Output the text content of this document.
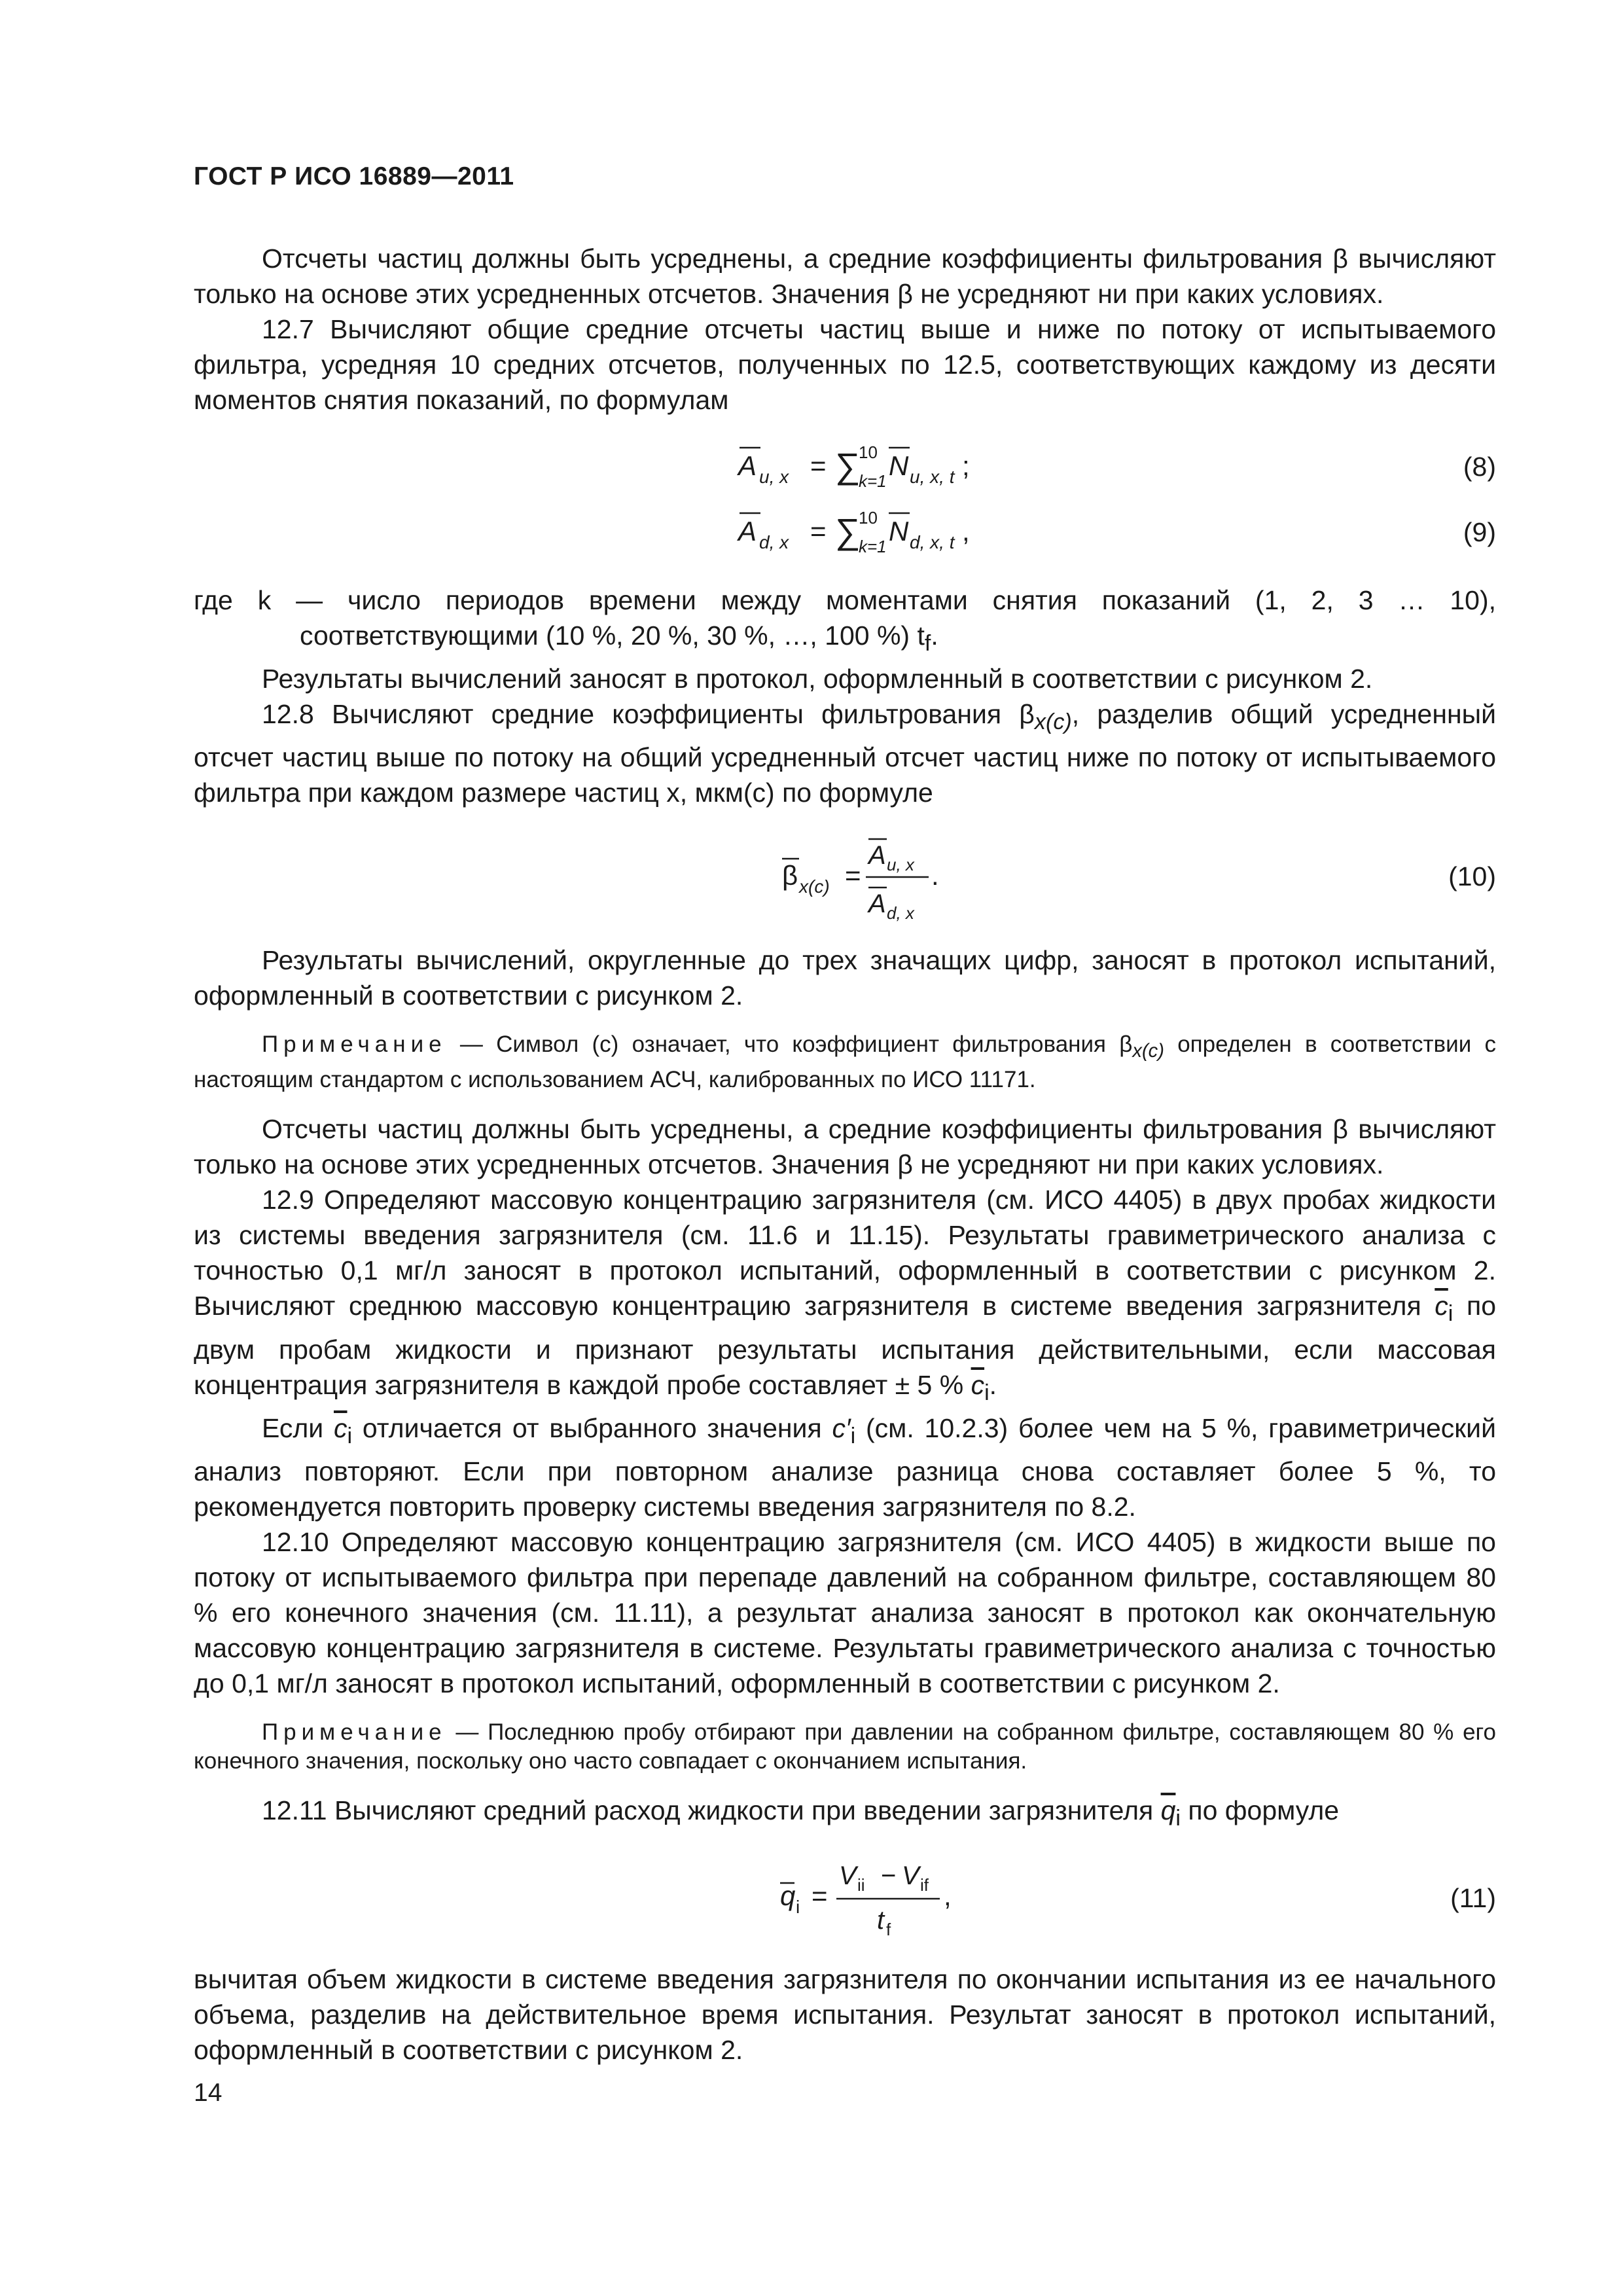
ГОСТ Р ИСО 16889—2011

Отсчеты частиц должны быть усреднены, а средние коэффициенты фильтрования β вычисляют только на основе этих усредненных отсчетов. Значения β не усредняют ни при каких условиях.

12.7 Вычисляют общие средние отсчеты частиц выше и ниже по потоку от испытываемого фильтра, усредняя 10 средних отсчетов, полученных по 12.5, соответствующих каждому из десяти моментов снятия показаний, по формулам

A u, x = ∑
10
k=1 N u, x, t ;	(8)
A d, x = ∑
10
k=1 N d, x, t ,	(9)

где k — число периодов времени между моментами снятия показаний (1, 2, 3 … 10), соответствующими (10 %, 20 %, 30 %, …, 100 %) $t_f$.

Результаты вычислений заносят в протокол, оформленный в соответствии с рисунком 2.

12.8 Вычисляют средние коэффициенты фильтрования $\beta_{x(c)}$, разделив общий усредненный отсчет частиц выше по потоку на общий усредненный отсчет частиц ниже по потоку от испытываемого фильтра при каждом размере частиц x, мкм(с) по формуле

β x(c) =
A u, x
A d, x
.	(10)

Результаты вычислений, округленные до трех значащих цифр, заносят в протокол испытаний, оформленный в соответствии с рисунком 2.

Примечание — Символ (с) означает, что коэффициент фильтрования $\beta_{x(c)}$ определен в соответствии с настоящим стандартом с использованием АСЧ, калиброванных по ИСО 11171.

Отсчеты частиц должны быть усреднены, а средние коэффициенты фильтрования β вычисляют только на основе этих усредненных отсчетов. Значения β не усредняют ни при каких условиях.

12.9 Определяют массовую концентрацию загрязнителя (см. ИСО 4405) в двух пробах жидкости из системы введения загрязнителя (см. 11.6 и 11.15). Результаты гравиметрического анализа с точностью 0,1 мг/л заносят в протокол испытаний, оформленный в соответствии с рисунком 2. Вычисляют среднюю массовую концентрацию загрязнителя в системе введения загрязнителя $\overline{c}_i$ по двум пробам жидкости и признают результаты испытания действительными, если массовая концентрация загрязнителя в каждой пробе составляет ± 5 % $\overline{c}_i$.

Если $\overline{c}_i$ отличается от выбранного значения $c'_i$ (см. 10.2.3) более чем на 5 %, гравиметрический анализ повторяют. Если при повторном анализе разница снова составляет более 5 %, то рекомендуется повторить проверку системы введения загрязнителя по 8.2.

12.10 Определяют массовую концентрацию загрязнителя (см. ИСО 4405) в жидкости выше по потоку от испытываемого фильтра при перепаде давлений на собранном фильтре, составляющем 80 % его конечного значения (см. 11.11), а результат анализа заносят в протокол как окончательную массовую концентрацию загрязнителя в системе. Результаты гравиметрического анализа с точностью до 0,1 мг/л заносят в протокол испытаний, оформленный в соответствии с рисунком 2.

Примечание — Последнюю пробу отбирают при давлении на собранном фильтре, составляющем 80 % его конечного значения, поскольку оно часто совпадает с окончанием испытания.

12.11 Вычисляют средний расход жидкости при введении загрязнителя $\overline{q}_i$ по формуле

q i =
V ii − V if
t f
,	(11)

вычитая объем жидкости в системе введения загрязнителя по окончании испытания из ее начального объема, разделив на действительное время испытания. Результат заносят в протокол испытаний, оформленный в соответствии с рисунком 2.

14
